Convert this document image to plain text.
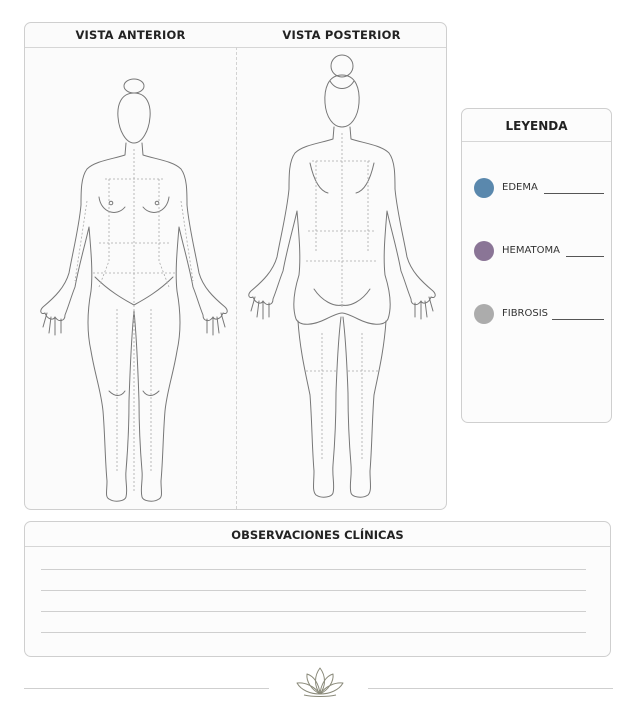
VISTA ANTERIOR	VISTA POSTERIOR
LEYENDA
EDEMA
HEMATOMA
FIBROSIS
OBSERVACIONES CLÍNICAS
